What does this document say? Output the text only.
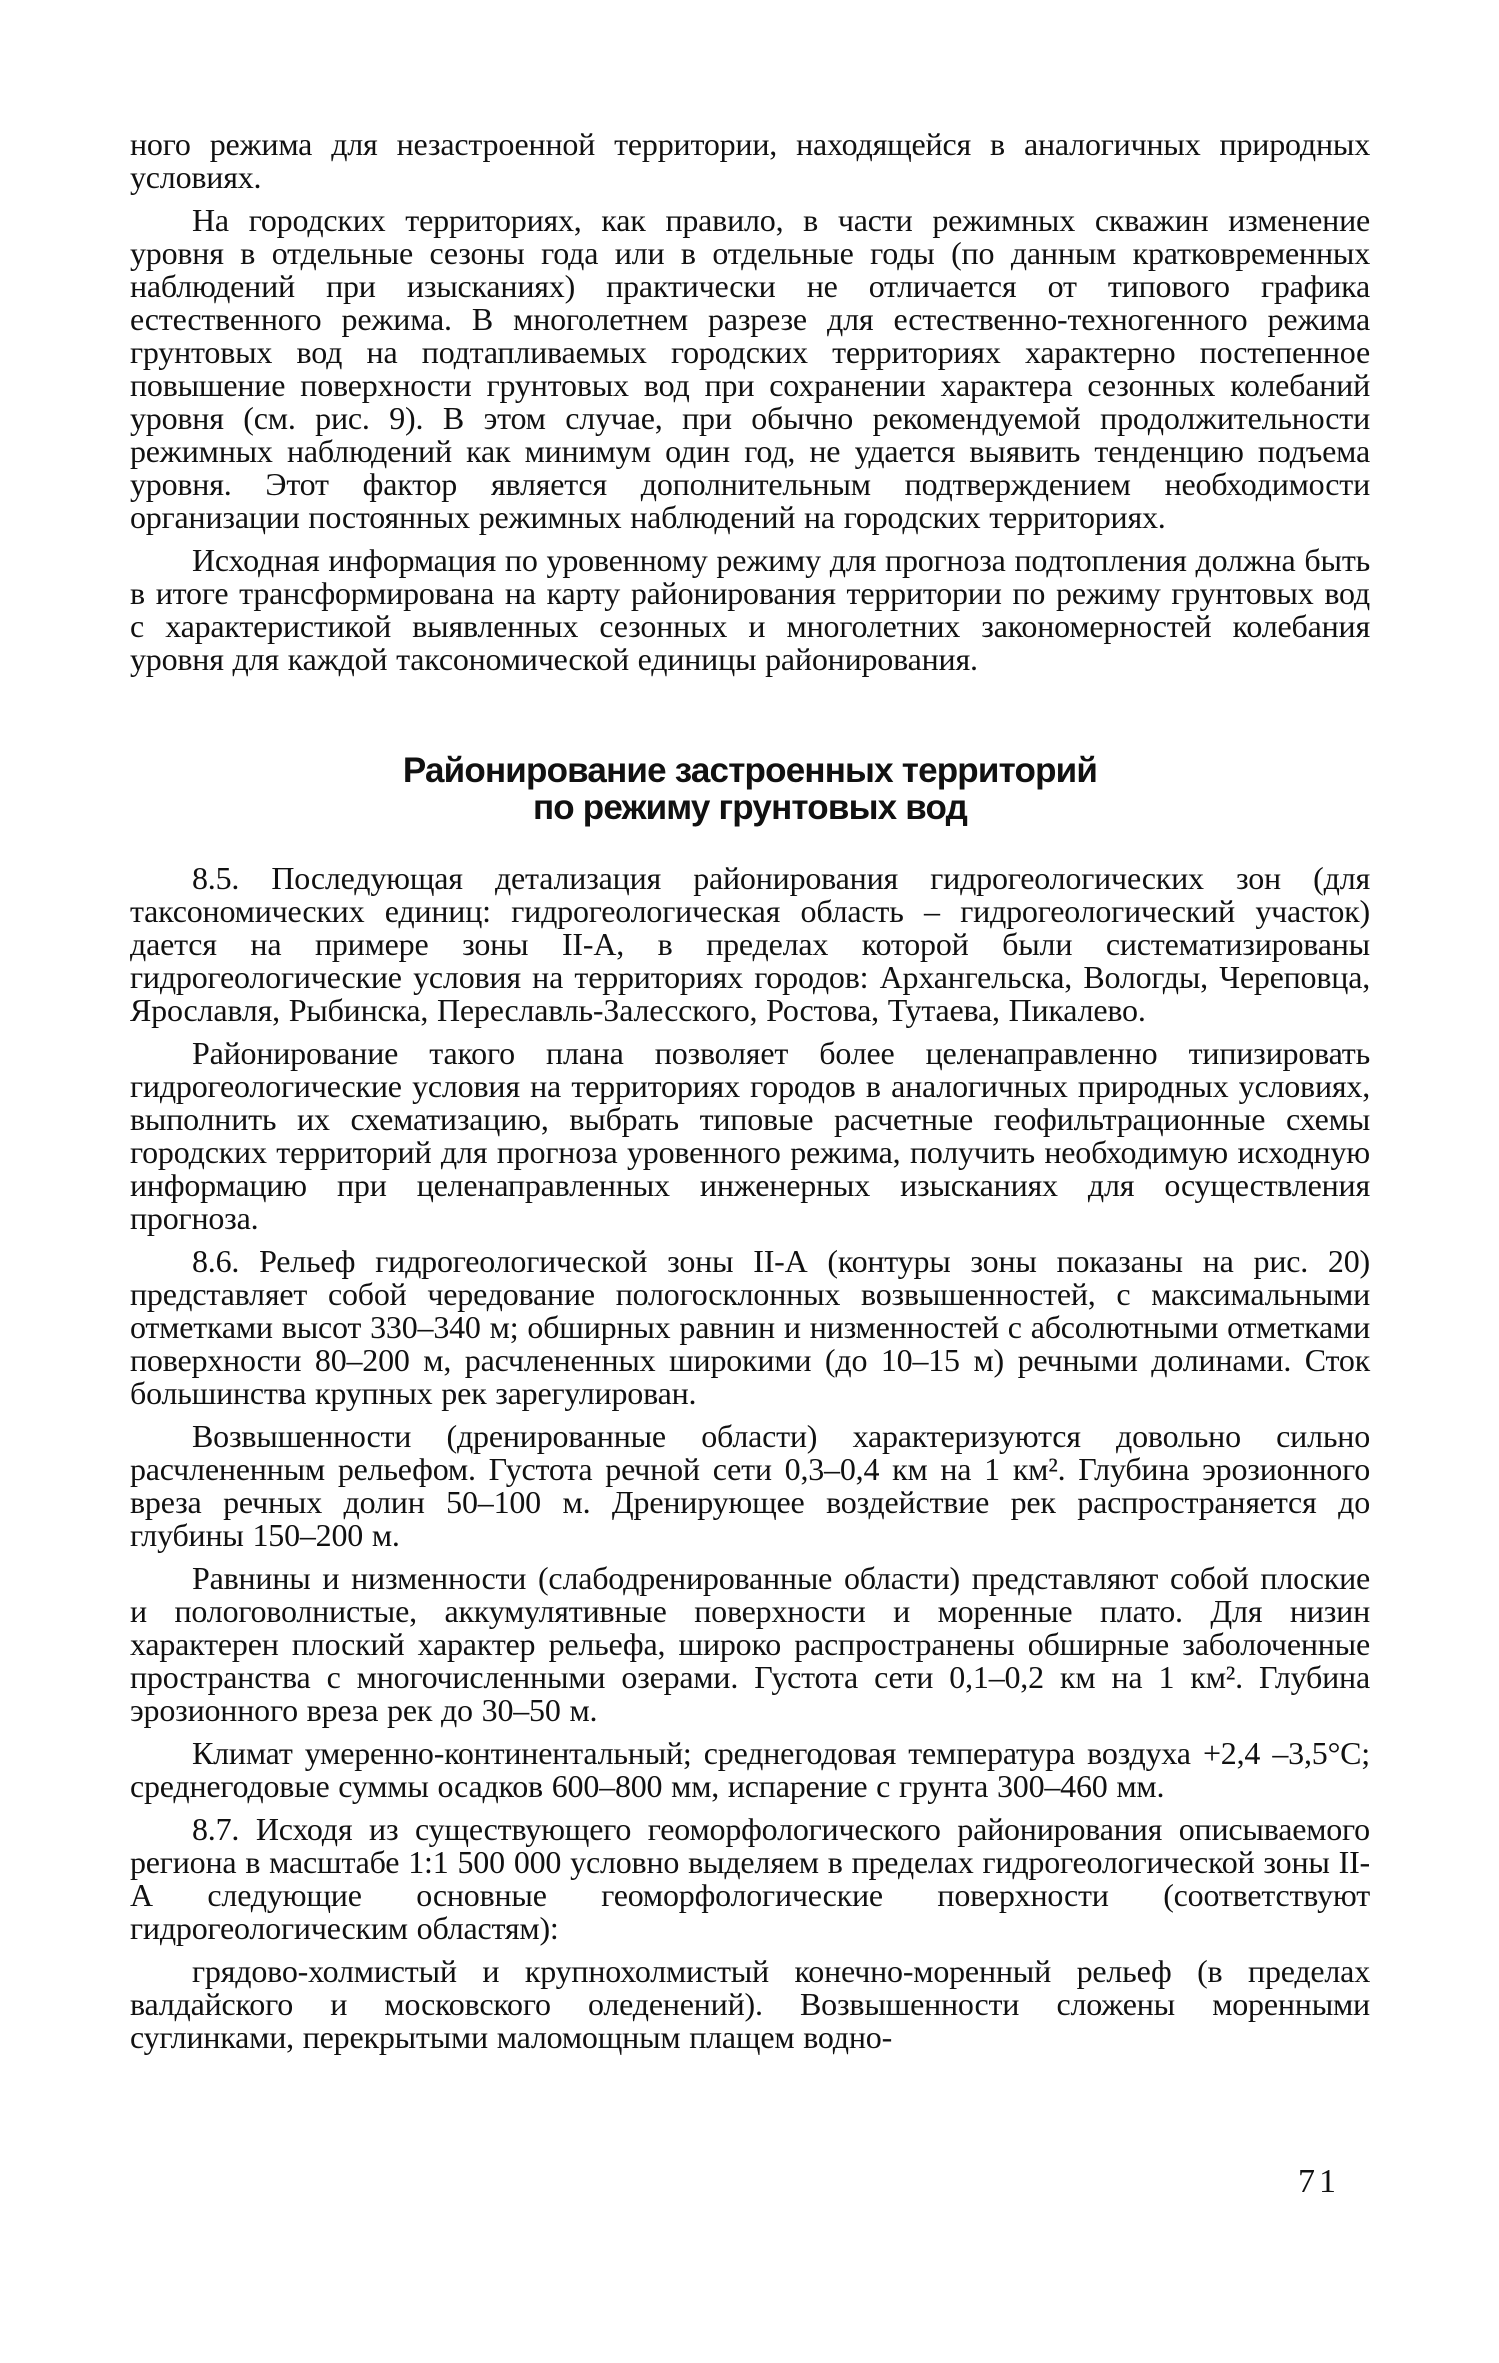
ного режима для незастроенной территории, находящейся в аналогичных природных условиях.

На городских территориях, как правило, в части режимных скважин изменение уровня в отдельные сезоны года или в отдельные годы (по данным кратковременных наблюдений при изысканиях) практически не отличается от типового графика естественного режима. В многолетнем разрезе для естественно-техногенного режима грунтовых вод на подтапливаемых городских территориях характерно постепенное повышение поверхности грунтовых вод при сохранении характера сезонных колебаний уровня (см. рис. 9). В этом случае, при обычно рекомендуемой продолжительности режимных наблюдений как минимум один год, не удается выявить тенденцию подъема уровня. Этот фактор является дополнительным подтверждением необходимости организации постоянных режимных наблюдений на городских территориях.

Исходная информация по уровенному режиму для прогноза подтопления должна быть в итоге трансформирована на карту районирования территории по режиму грунтовых вод с характеристикой выявленных сезонных и многолетних закономерностей колебания уровня для каждой таксономической единицы районирования.

Районирование застроенных территорий
по режиму грунтовых вод

8.5. Последующая детализация районирования гидрогеологических зон (для таксономических единиц: гидрогеологическая область – гидрогеологический участок) дается на примере зоны II-А, в пределах которой были систематизированы гидрогеологические условия на территориях городов: Архангельска, Вологды, Череповца, Ярославля, Рыбинска, Переславль-Залесского, Ростова, Тутаева, Пикалево.

Районирование такого плана позволяет более целенаправленно типизировать гидрогеологические условия на территориях городов в аналогичных природных условиях, выполнить их схематизацию, выбрать типовые расчетные геофильтрационные схемы городских территорий для прогноза уровенного режима, получить необходимую исходную информацию при целенаправленных инженерных изысканиях для осуществления прогноза.

8.6. Рельеф гидрогеологической зоны II-А (контуры зоны показаны на рис. 20) представляет собой чередование пологосклонных возвышенностей, с максимальными отметками высот 330–340 м; обширных равнин и низменностей с абсолютными отметками поверхности 80–200 м, расчлененных широкими (до 10–15 м) речными долинами. Сток большинства крупных рек зарегулирован.

Возвышенности (дренированные области) характеризуются довольно сильно расчлененным рельефом. Густота речной сети 0,3–0,4 км на 1 км². Глубина эрозионного вреза речных долин 50–100 м. Дренирующее воздействие рек распространяется до глубины 150–200 м.

Равнины и низменности (слабодренированные области) представляют собой плоские и пологоволнистые, аккумулятивные поверхности и моренные плато. Для низин характерен плоский характер рельефа, широко распространены обширные заболоченные пространства с многочисленными озерами. Густота сети 0,1–0,2 км на 1 км². Глубина эрозионного вреза рек до 30–50 м.

Климат умеренно-континентальный; среднегодовая температура воздуха +2,4 –3,5°С; среднегодовые суммы осадков 600–800 мм, испарение с грунта 300–460 мм.

8.7. Исходя из существующего геоморфологического районирования описываемого региона в масштабе 1:1 500 000 условно выделяем в пределах гидрогеологической зоны II-А следующие основные геоморфологические поверхности (соответствуют гидрогеологическим областям):

грядово-холмистый и крупнохолмистый конечно-моренный рельеф (в пределах валдайского и московского оледенений). Возвышенности сложены моренными суглинками, перекрытыми маломощным плащем водно-

71
